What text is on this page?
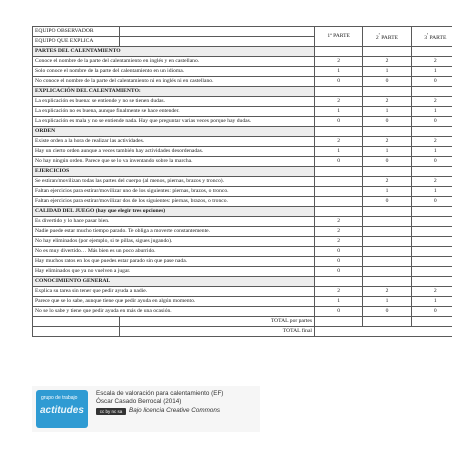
EQUIPO OBSERVADOR		1ª PARTE	$2^ª$ PARTE	$3^ª$ PARTE
EQUIPO QUE EXPLICA				
PARTES DEL CALENTAMIENTO				
Conoce el nombre de la parte del calentamiento en inglés y en castellano.		2	2	2
Solo conoce el nombre de la parte del calentamiento en un idioma.		1	1	1
No conoce el nombre de la parte del calentamiento ni en inglés ni en castellano.		0	0	0
EXPLICACIÓN DEL CALENTAMIENTO:				
La explicación es buena: se entiende y no se tienen dudas.		2	2	2
La explicación no es buena, aunque finalmente se hace entender.		1	1	1
La explicación es mala y no se entiende nada. Hay que preguntar varias veces porque hay dudas.		0	0	0
ORDEN				
Existe orden a la hora de realizar las actividades.		2	2	2
Hay un cierto orden aunque a veces también hay actividades desordenadas.		1	1	1
No hay ningún orden. Parece que se lo va inventando sobre la marcha.		0	0	0
EJERCICIOS				
Se estiran/movilizan todas las partes del cuerpo (al menos, piernas, brazos y tronco).			2	2
Faltan ejercicios para estirar/movilizar uno de los siguientes: piernas, brazos, o tronco.			1	1
Faltan ejercicios para estirar/movilizar dos de los siguientes: piernas, brazos, o tronco.			0	0
CALIDAD DEL JUEGO (hay que elegir tres opciones)				
Es divertido y lo hace pasar bien.		2		
Nadie puede estar mucho tiempo parado. Te obliga a moverte constantemente.		2		
No hay eliminados (por ejemplo, si te pillas, sigues jugando).		2		
No es muy divertido… Más bien es un poco aburrido.		0		
Hay muchos ratos en los que puedes estar parado sin que pase nada.		0		
Hay eliminados que ya no vuelven a jugar.		0		
CONOCIMIENTO GENERAL				
Explica su tarea sin tener que pedir ayuda a nadie.		2	2	2
Parece que se lo sabe, aunque tiene que pedir ayuda en algún momento.		1	1	1
No se lo sabe y tiene que pedir ayuda en más de una ocasión.		0	0	0
	TOTAL por partes			
	TOTAL final			
grupo de trabajo
actitudes
Escala de valoración para calentamiento (EF)
Óscar Casado Berrocal (2014)
cc by nc sa	Bajo licencia Creative Commons
